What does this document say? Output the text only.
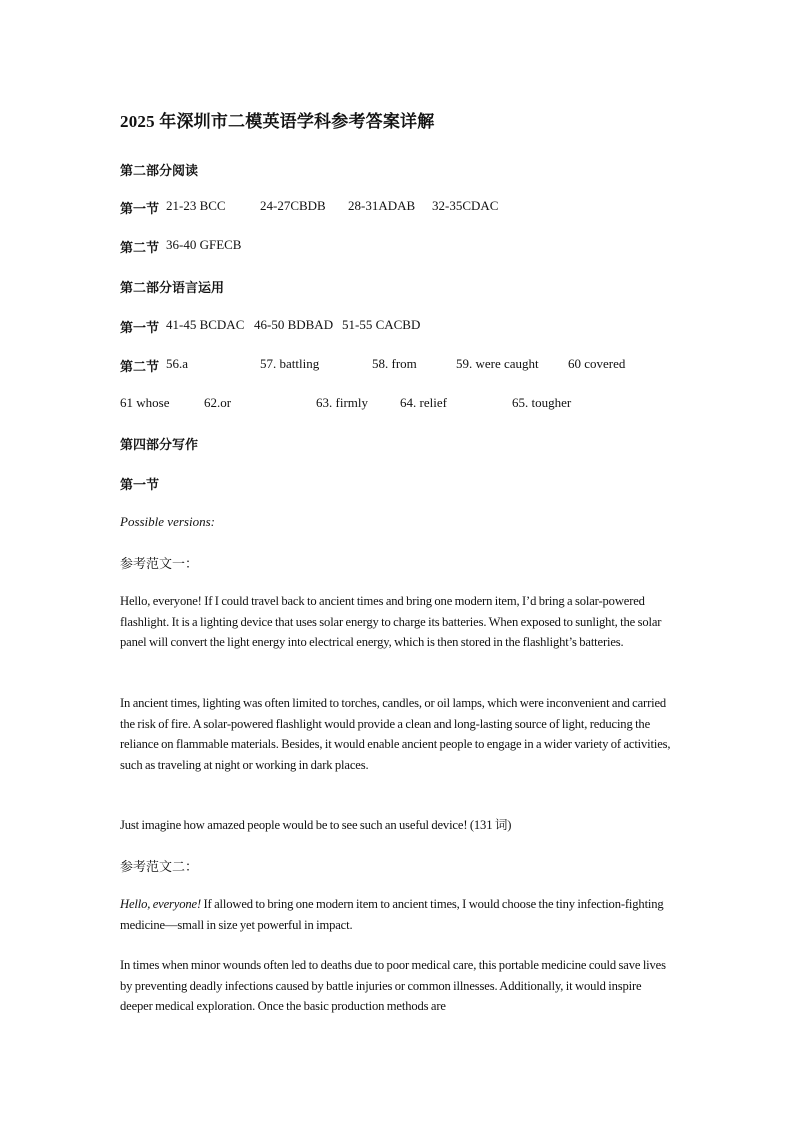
2025 年深圳市二模英语学科参考答案详解
第二部分阅读
第一节 21-23 BCC	24-27CBDB 28-31ADAB 32-35CDAC
第二节 36-40 GFECB
第二部分语言运用
第一节 41-45 BCDAC 46-50 BDBAD 51-55 CACBD
第二节 56.a	57. battling	58. from	59. were caught 60 covered
61 whose	62.or	63. firmly 64. relief	65. tougher
第四部分写作
第一节
Possible versions:
参考范文一：
Hello, everyone! If I could travel back to ancient times and bring one modern item, I’d bring a solar-powered flashlight. It is a lighting device that uses solar energy to charge its batteries. When exposed to sunlight, the solar panel will convert the light energy into electrical energy, which is then stored in the flashlight’s batteries.
In ancient times, lighting was often limited to torches, candles, or oil lamps, which were inconvenient and carried the risk of fire. A solar-powered flashlight would provide a clean and long-lasting source of light, reducing the reliance on flammable materials. Besides, it would enable ancient people to engage in a wider variety of activities, such as traveling at night or working in dark places.
Just imagine how amazed people would be to see such an useful device! (131 词)
参考范文二：
Hello, everyone! If allowed to bring one modern item to ancient times, I would choose the tiny infection-fighting medicine—small in size yet powerful in impact.
In times when minor wounds often led to deaths due to poor medical care, this portable medicine could save lives by preventing deadly infections caused by battle injuries or common illnesses. Additionally, it would inspire deeper medical exploration. Once the basic production methods are
